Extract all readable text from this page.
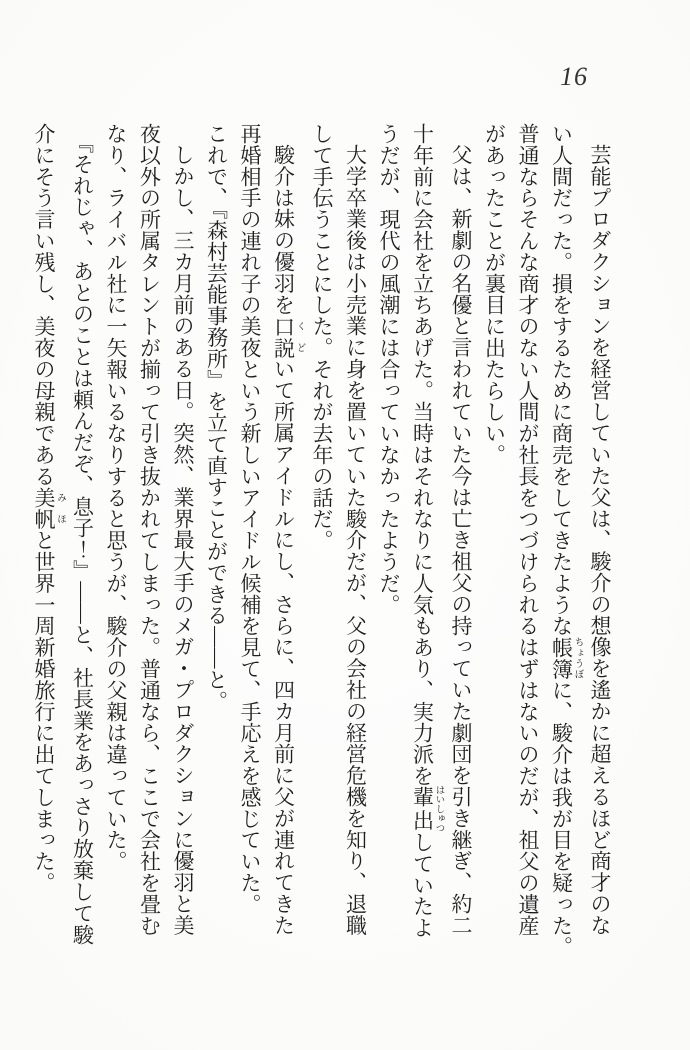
16
芸能プロダクションを経営していた父は、駿介の想像を遙かに超えるほど商才のな
い人間だった。損をするために商売をしてきたような帳簿 ちょうぼに、駿介は我が目を疑った。
普通ならそんな商才のない人間が社長をつづけられるはずはないのだが、祖父の遺産
があったことが裏目に出たらしい。
父は、新劇の名優と言われていた今は亡き祖父の持っていた劇団を引き継ぎ、約二
十年前に会社を立ちあげた。当時はそれなりに人気もあり、実力派を輩出 はいしゅつしていたよ
うだが、現代の風潮には合っていなかったようだ。
大学卒業後は小売業に身を置いていた駿介だが、父の会社の経営危機を知り、退職
して手伝うことにした。それが去年の話だ。
駿介は妹の優羽を口説 くどいて所属アイドルにし、さらに、四カ月前に父が連れてきた
再婚相手の連れ子の美夜という新しいアイドル候補を見て、手応えを感じていた。
これで、『森村芸能事務所』を立て直すことができる――と。
しかし、三カ月前のある日。突然、業界最大手のメガ・プロダクションに優羽と美
夜以外の所属タレントが揃って引き抜かれてしまった。普通なら、ここで会社を畳む
なり、ライバル社に一矢報いるなりすると思うが、駿介の父親は違っていた。
『それじゃ、あとのことは頼んだぞ、息子！』――と、社長業をあっさり放棄して駿
介にそう言い残し、美夜の母親である美帆 みほと世界一周新婚旅行に出てしまった。
